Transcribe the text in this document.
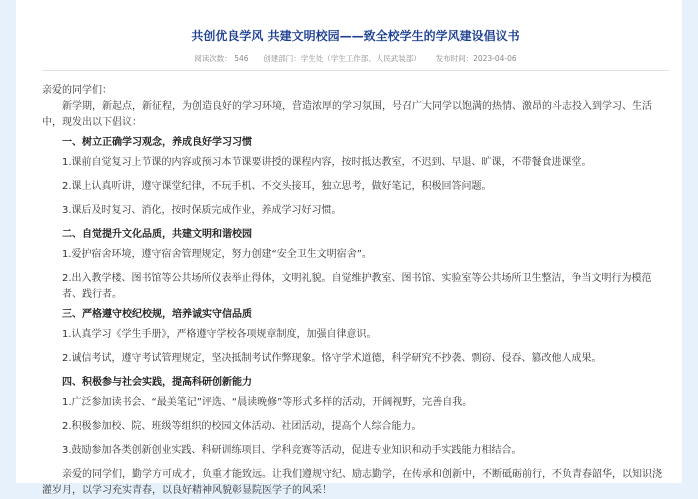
共创优良学风 共建文明校园——致全校学生的学风建设倡议书
阅读次数： 546 创建部门：学生处（学生工作部、人民武装部） 发布时间：2023-04-06

亲爱的同学们：

新学期，新起点，新征程，为创造良好的学习环境，营造浓厚的学习氛围，号召广大同学以饱满的热情、激昂的斗志投入到学习、生活中，现发出以下倡议：

一、树立正确学习观念，养成良好学习习惯

1.课前自觉复习上节课的内容或预习本节课要讲授的课程内容，按时抵达教室，不迟到、早退、旷课，不带餐食进课堂。

2.课上认真听讲，遵守课堂纪律，不玩手机、不交头接耳，独立思考，做好笔记，积极回答问题。

3.课后及时复习、消化，按时保质完成作业，养成学习好习惯。

二、自觉提升文化品质，共建文明和谐校园

1.爱护宿舍环境，遵守宿舍管理规定，努力创建“安全卫生文明宿舍”。

2.出入教学楼、图书馆等公共场所仪表举止得体，文明礼貌。自觉维护教室、图书馆、实验室等公共场所卫生整洁，争当文明行为模范者、践行者。

三、严格遵守校纪校规，培养诚实守信品质

1.认真学习《学生手册》，严格遵守学校各项规章制度，加强自律意识。

2.诚信考试，遵守考试管理规定，坚决抵制考试作弊现象。恪守学术道德，科学研究不抄袭、剽窃、侵吞、篡改他人成果。

四、积极参与社会实践，提高科研创新能力

1.广泛参加读书会、“最美笔记”评选、“晨读晚修”等形式多样的活动，开阔视野，完善自我。

2.积极参加校、院、班级等组织的校园文体活动、社团活动，提高个人综合能力。

3.鼓励参加各类创新创业实践、科研训练项目、学科竞赛等活动，促进专业知识和动手实践能力相结合。

亲爱的同学们，勤学方可成才，负重才能致远。让我们遵规守纪、励志勤学，在传承和创新中，不断砥砺前行，不负青春韶华，以知识浇灌岁月，以学习充实青春，以良好精神风貌彰显院医学子的风采！
